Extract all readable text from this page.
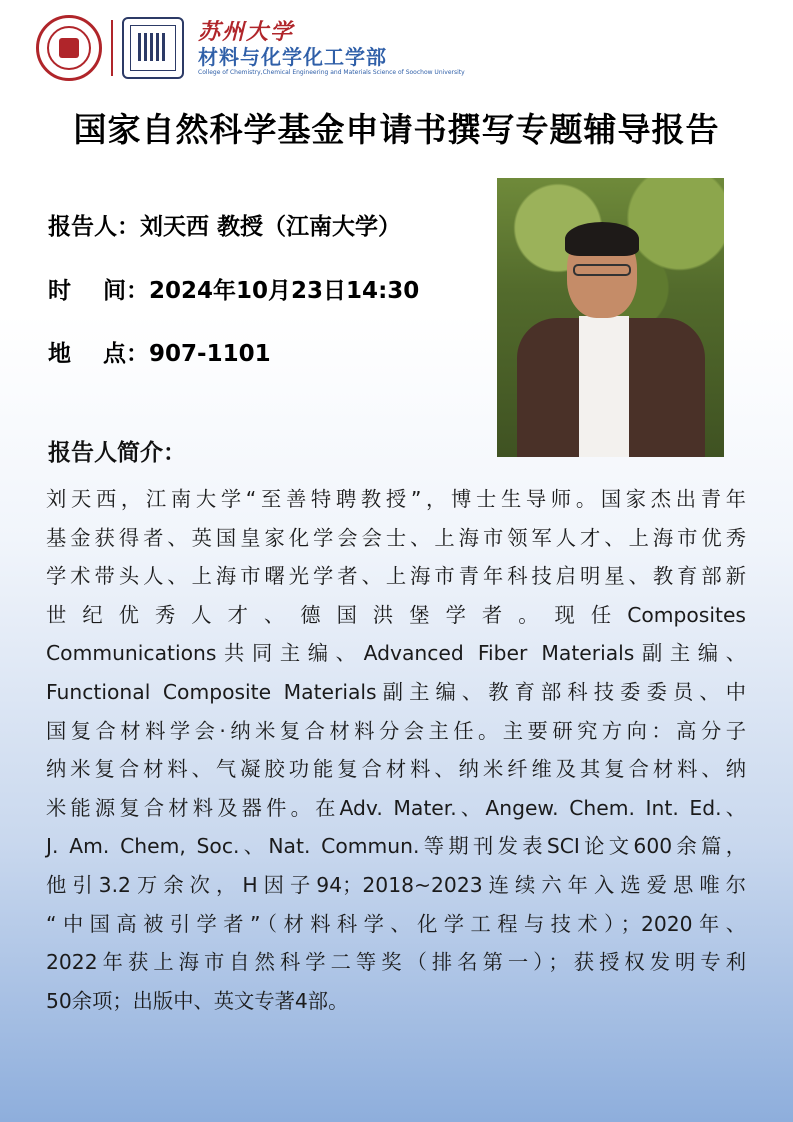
苏州大学
材料与化学化工学部
College of Chemistry,Chemical Engineering and Materials Science of Soochow University
国家自然科学基金申请书撰写专题辅导报告
报告人：刘天西 教授（江南大学）
时    间：2024年10月23日14:30
地    点：907-1101
报告人简介：
刘天西，江南大学“至善特聘教授”，博士生导师。国家杰出青年
基金获得者、英国皇家化学会会士、上海市领军人才、上海市优秀
学术带头人、上海市曙光学者、上海市青年科技启明星、教育部新
世纪优秀人才、德国洪堡学者。现任Composites
Communications共同主编、Advanced Fiber Materials副主编、
Functional Composite Materials副主编、教育部科技委委员、中
国复合材料学会·纳米复合材料分会主任。主要研究方向：高分子
纳米复合材料、气凝胶功能复合材料、纳米纤维及其复合材料、纳
米能源复合材料及器件。在Adv. Mater.、Angew. Chem. Int. Ed.、
J. Am. Chem, Soc.、Nat. Commun.等期刊发表SCI论文600余篇，
他引3.2万余次，H因子94；2018~2023连续六年入选爱思唯尔
“中国高被引学者”（材料科学、化学工程与技术）；2020年、
2022年获上海市自然科学二等奖（排名第一）；获授权发明专利
50余项；出版中、英文专著4部。
